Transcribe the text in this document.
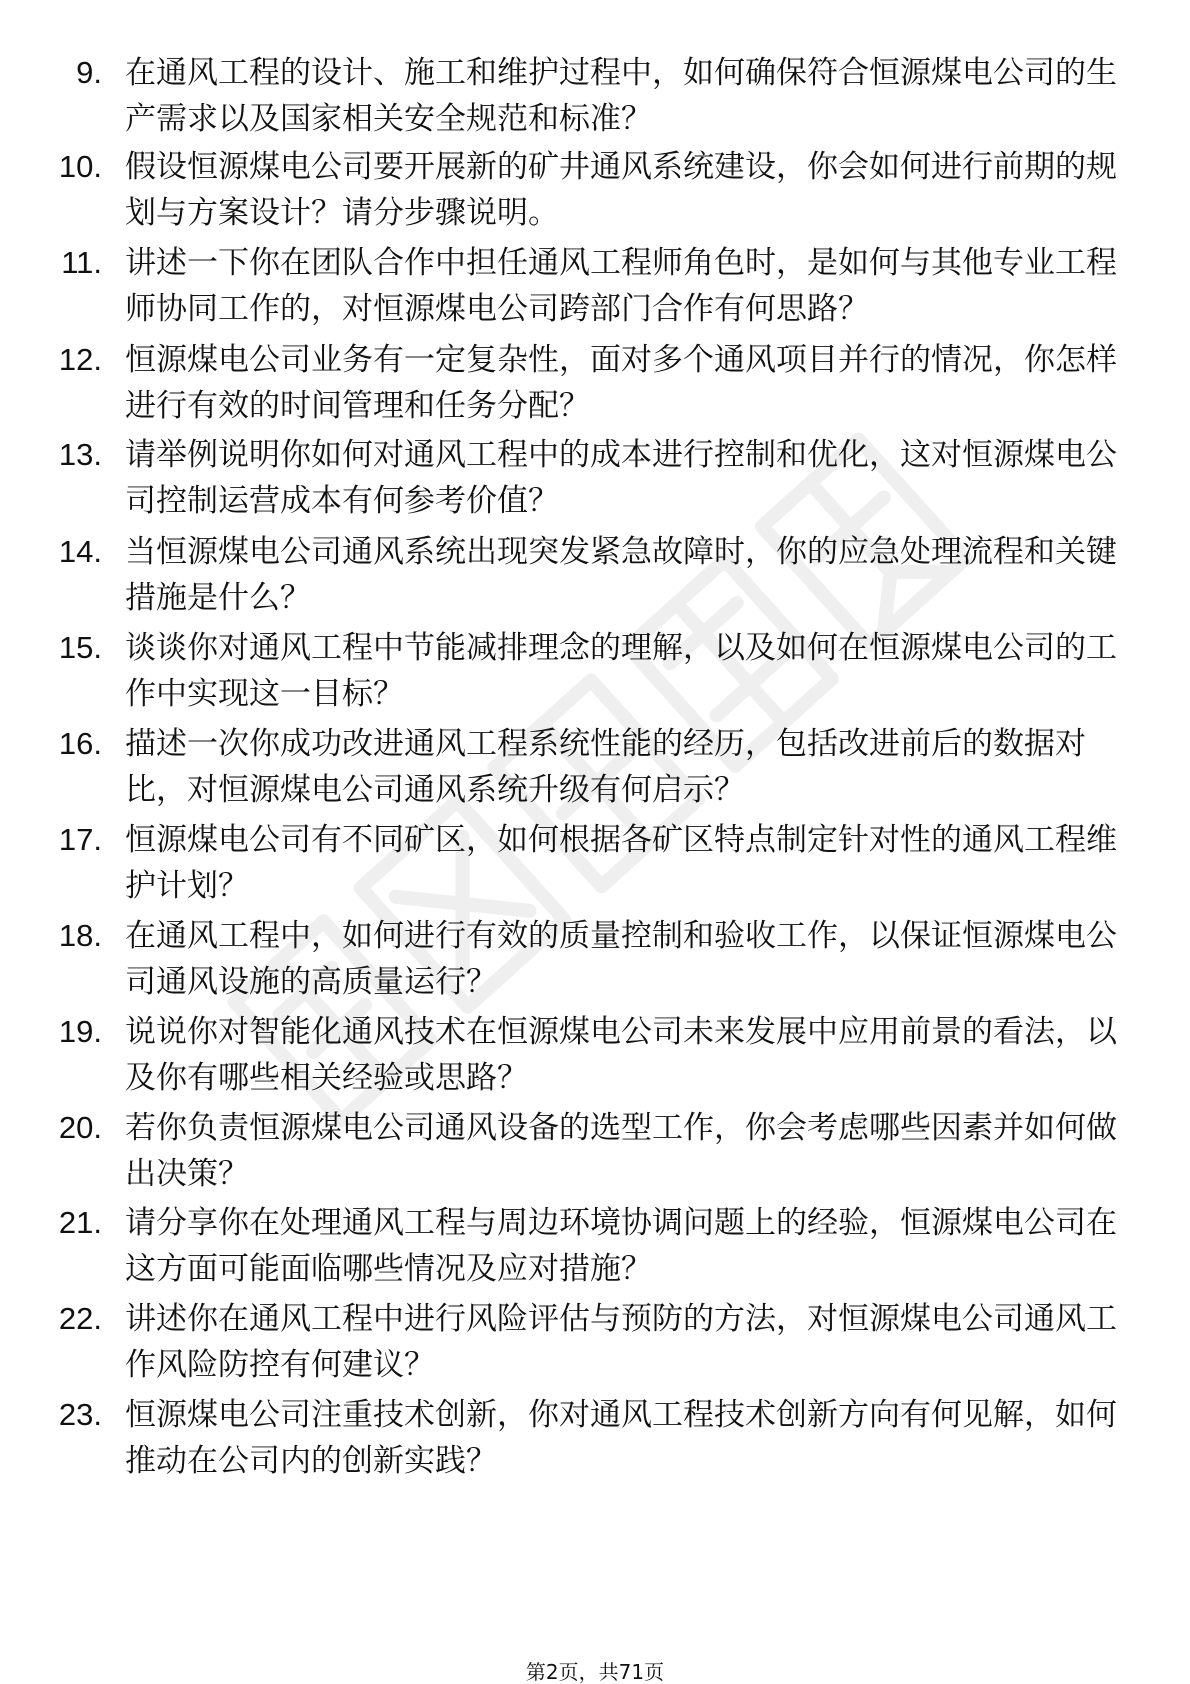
9. 在通风工程的设计、施工和维护过程中，如何确保符合恒源煤电公司的生产需求以及国家相关安全规范和标准？
10. 假设恒源煤电公司要开展新的矿井通风系统建设，你会如何进行前期的规划与方案设计？请分步骤说明。
11. 讲述一下你在团队合作中担任通风工程师角色时，是如何与其他专业工程师协同工作的，对恒源煤电公司跨部门合作有何思路？
12. 恒源煤电公司业务有一定复杂性，面对多个通风项目并行的情况，你怎样进行有效的时间管理和任务分配？
13. 请举例说明你如何对通风工程中的成本进行控制和优化，这对恒源煤电公司控制运营成本有何参考价值？
14. 当恒源煤电公司通风系统出现突发紧急故障时，你的应急处理流程和关键措施是什么？
15. 谈谈你对通风工程中节能减排理念的理解，以及如何在恒源煤电公司的工作中实现这一目标？
16. 描述一次你成功改进通风工程系统性能的经历，包括改进前后的数据对比，对恒源煤电公司通风系统升级有何启示？
17. 恒源煤电公司有不同矿区，如何根据各矿区特点制定针对性的通风工程维护计划？
18. 在通风工程中，如何进行有效的质量控制和验收工作，以保证恒源煤电公司通风设施的高质量运行？
19. 说说你对智能化通风技术在恒源煤电公司未来发展中应用前景的看法，以及你有哪些相关经验或思路？
20. 若你负责恒源煤电公司通风设备的选型工作，你会考虑哪些因素并如何做出决策？
21. 请分享你在处理通风工程与周边环境协调问题上的经验，恒源煤电公司在这方面可能面临哪些情况及应对措施？
22. 讲述你在通风工程中进行风险评估与预防的方法，对恒源煤电公司通风工作风险防控有何建议？
23. 恒源煤电公司注重技术创新，你对通风工程技术创新方向有何见解，如何推动在公司内的创新实践？
第2页，共71页
